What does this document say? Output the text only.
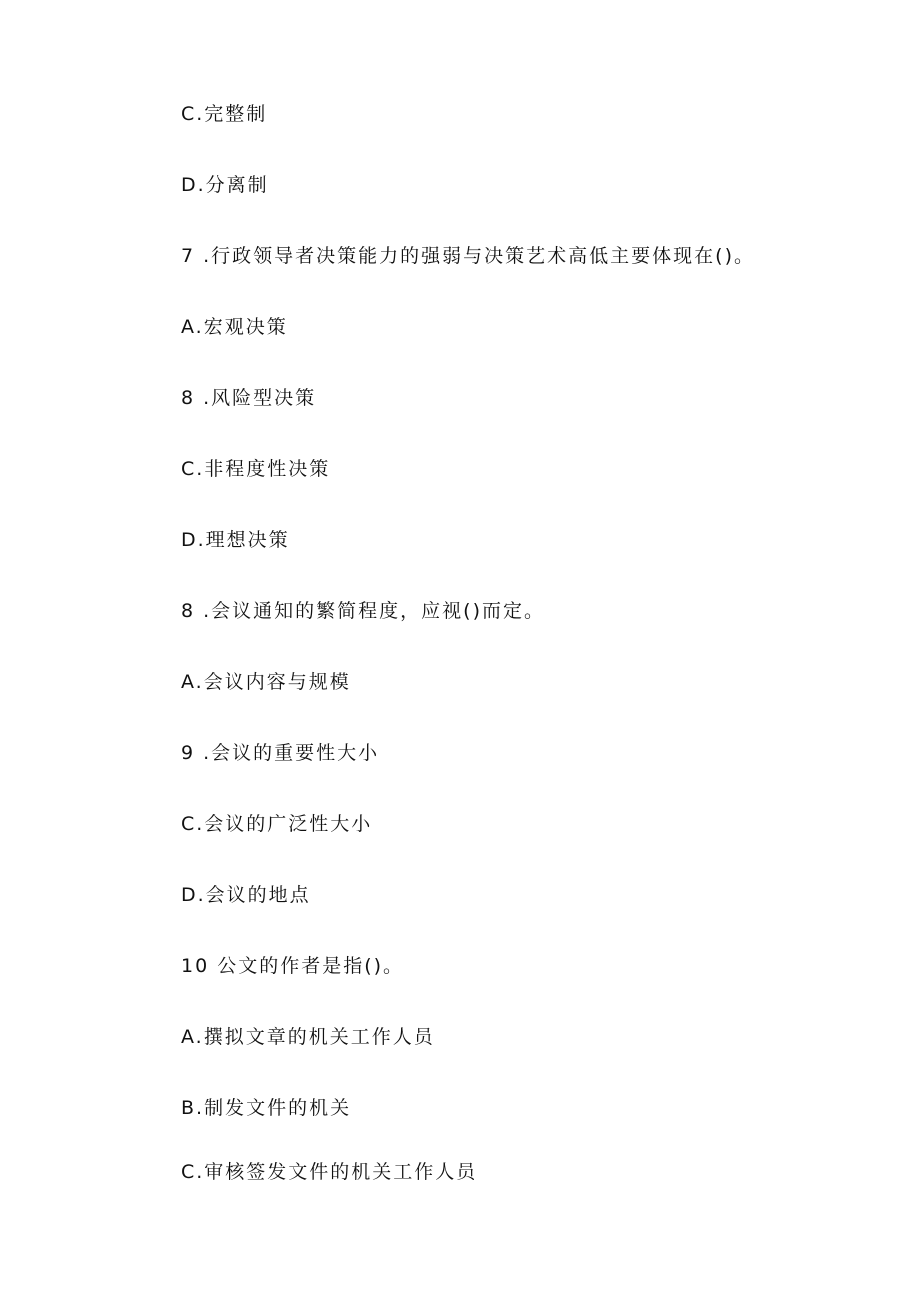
C.完整制
D.分离制
7 .行政领导者决策能力的强弱与决策艺术高低主要体现在()。
A.宏观决策
8 .风险型决策
C.非程度性决策
D.理想决策
8 .会议通知的繁简程度，应视()而定。
A.会议内容与规模
9 .会议的重要性大小
C.会议的广泛性大小
D.会议的地点
10 公文的作者是指()。
A.撰拟文章的机关工作人员
B.制发文件的机关
C.审核签发文件的机关工作人员
